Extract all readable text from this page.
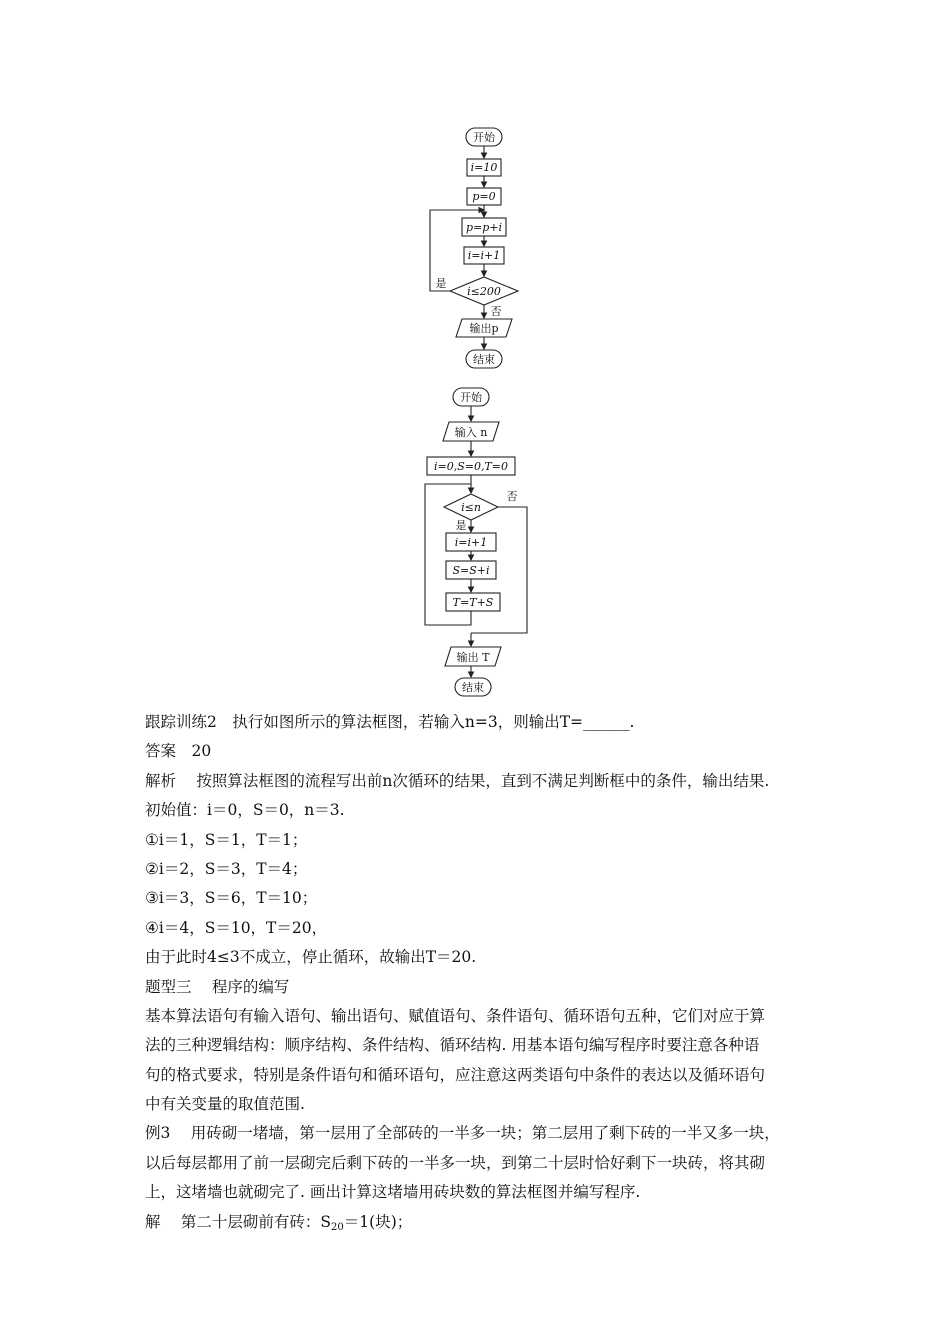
开始
i=10
p=0
p=p+i
i=i+1
i≤200
是
否
输出p
结束
开始
输入 n
i=0,S=0,T=0
i≤n
否
是
i=i+1
S=S+i
T=T+S
输出 T
结束
跟踪训练2　执行如图所示的算法框图，若输入n=3，则输出T=______.
答案　20
解析　 按照算法框图的流程写出前n次循环的结果，直到不满足判断框中的条件，输出结果.
初始值：i＝0，S＝0，n＝3.
①i＝1，S＝1，T＝1；
②i＝2，S＝3，T＝4；
③i＝3，S＝6，T＝10；
④i＝4，S＝10，T＝20，
由于此时4≤3不成立，停止循环，故输出T＝20.
题型三　 程序的编写
基本算法语句有输入语句、输出语句、赋值语句、条件语句、循环语句五种，它们对应于算
法的三种逻辑结构：顺序结构、条件结构、循环结构. 用基本语句编写程序时要注意各种语
句的格式要求，特别是条件语句和循环语句，应注意这两类语句中条件的表达以及循环语句
中有关变量的取值范围.
例3　 用砖砌一堵墙，第一层用了全部砖的一半多一块；第二层用了剩下砖的一半又多一块，
以后每层都用了前一层砌完后剩下砖的一半多一块，到第二十层时恰好剩下一块砖，将其砌
上，这堵墙也就砌完了. 画出计算这堵墙用砖块数的算法框图并编写程序.
解　 第二十层砌前有砖：$S_{20}=1$(块)；
